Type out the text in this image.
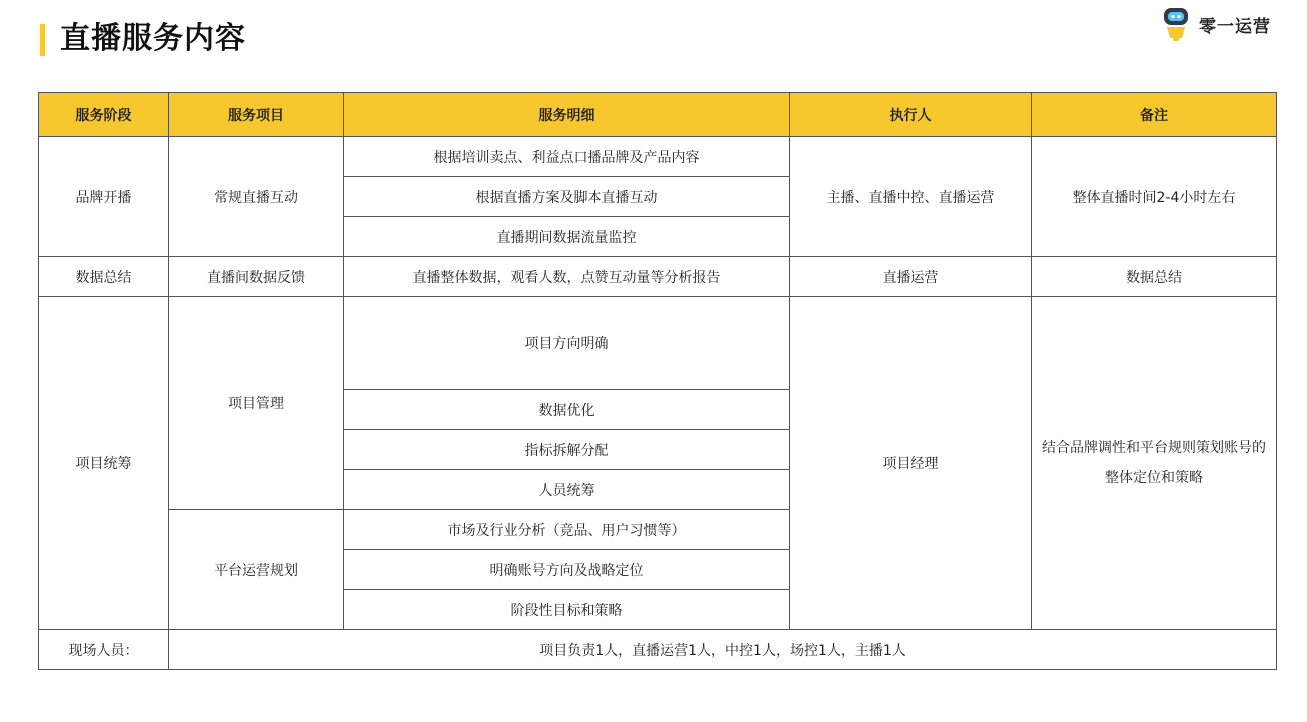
直播服务内容	零一运营
服务阶段	服务项目	服务明细	执行人	备注
品牌开播	常规直播互动	根据培训卖点、利益点口播品牌及产品内容	主播、直播中控、直播运营	整体直播时间2-4小时左右
		根据直播方案及脚本直播互动		
		直播期间数据流量监控		
数据总结	直播间数据反馈	直播整体数据，观看人数，点赞互动量等分析报告	直播运营	数据总结
项目统筹	项目管理	项目方向明确	项目经理	结合品牌调性和平台规则策划账号的整体定位和策略
		数据优化		
		指标拆解分配		
		人员统筹		
	平台运营规划	市场及行业分析（竞品、用户习惯等）		
		明确账号方向及战略定位		
		阶段性目标和策略		
现场人员：	项目负责1人，直播运营1人，中控1人，场控1人，主播1人			
